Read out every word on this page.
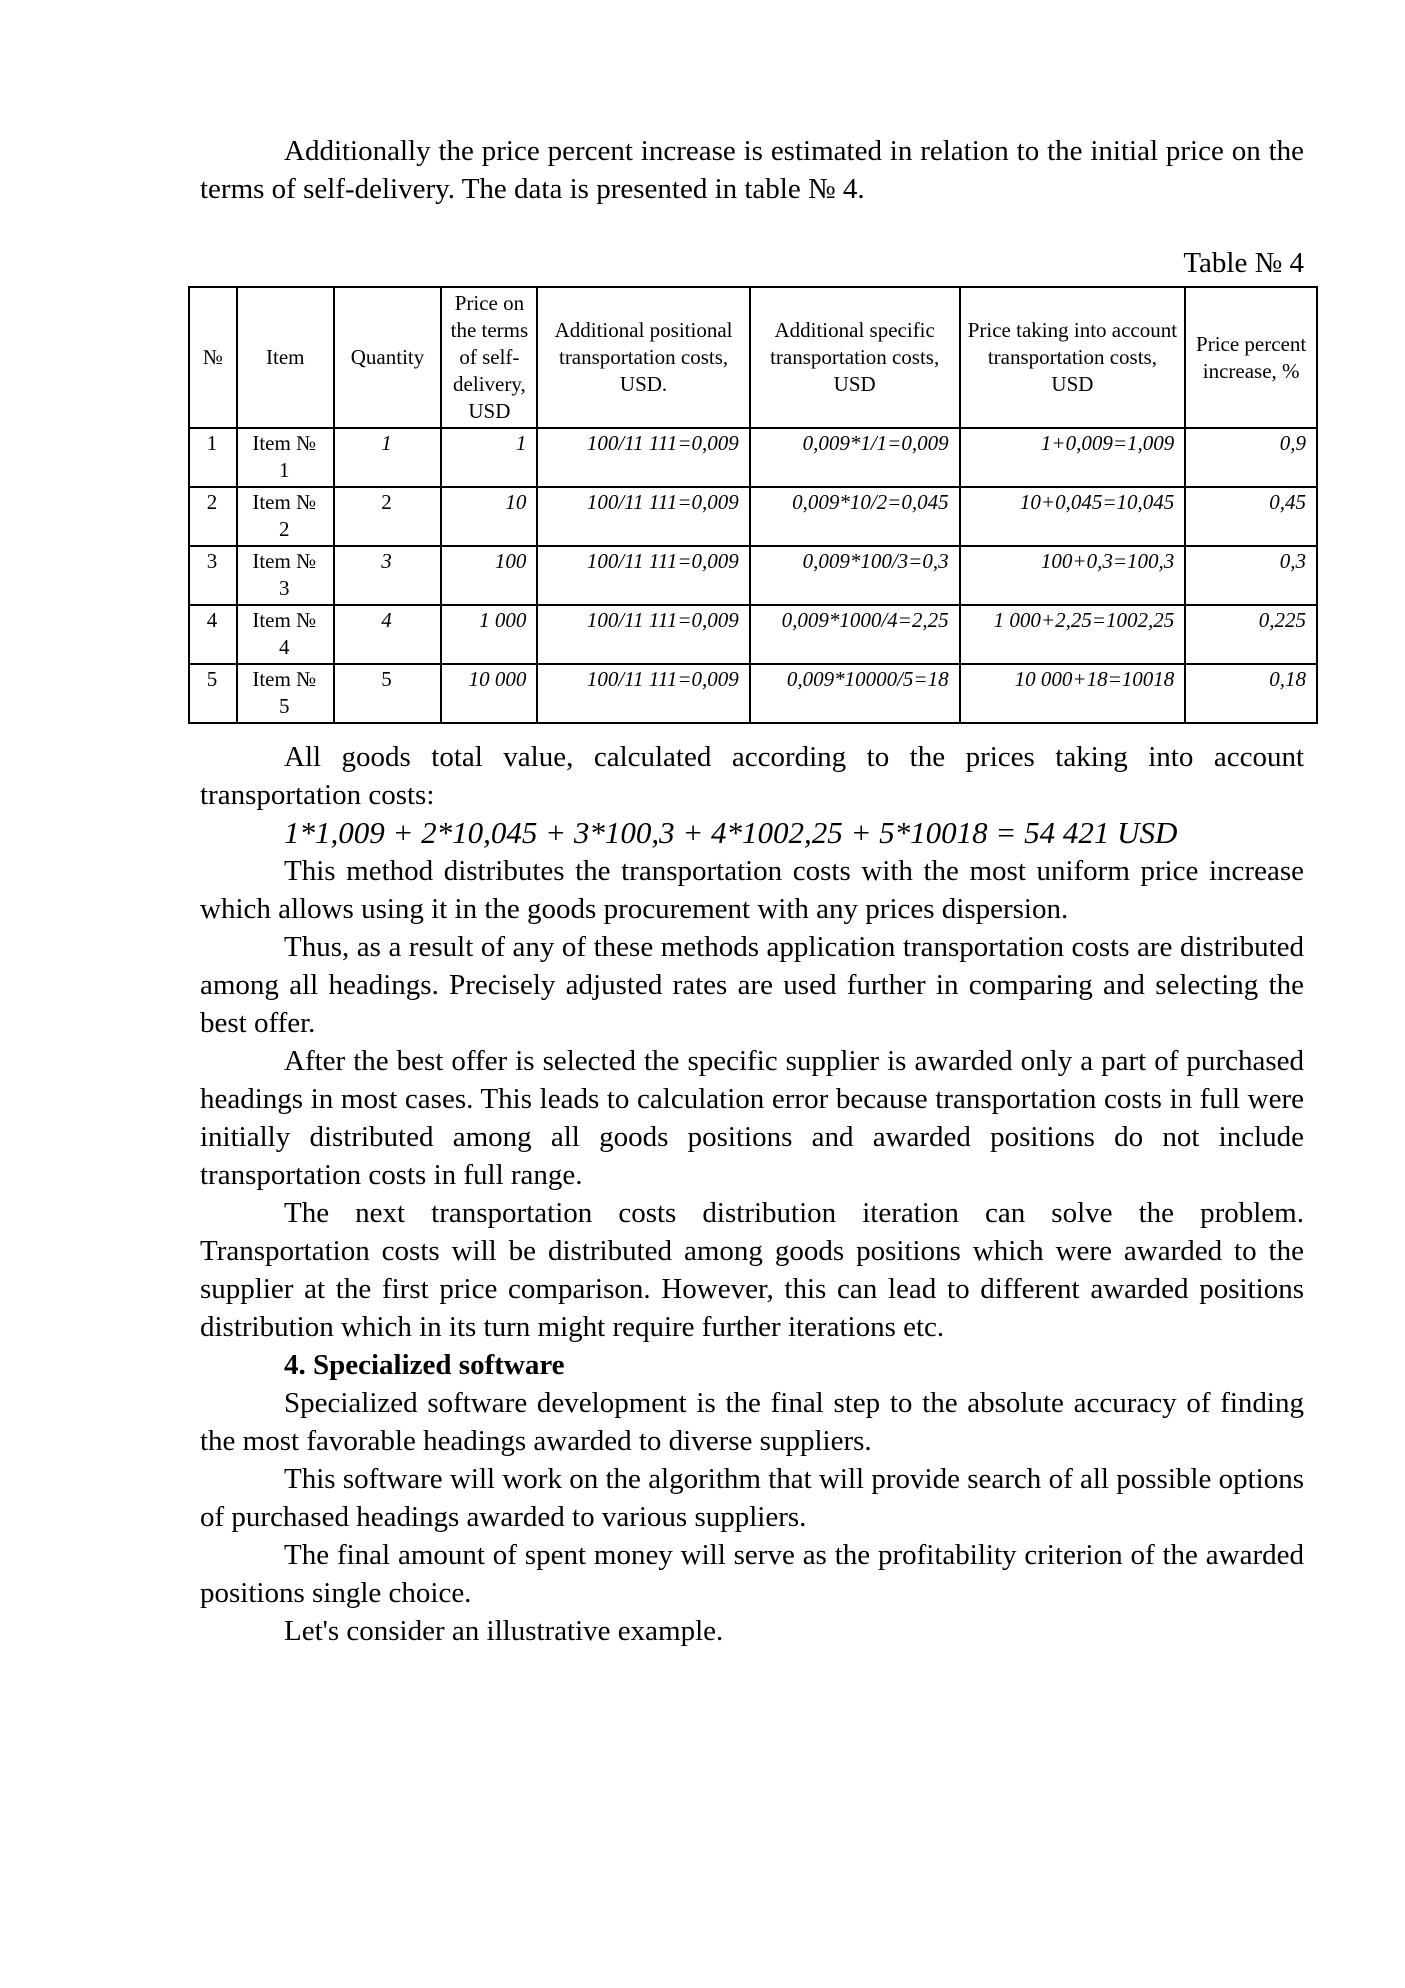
Additionally the price percent increase is estimated in relation to the initial price on the terms of self-delivery. The data is presented in table № 4.

Table № 4
№	Item	Quantity	Price on the terms of self-delivery, USD	Additional positional transportation costs, USD.	Additional specific transportation costs, USD	Price taking into account transportation costs, USD	Price percent increase, %
1	Item № 1	1	1	100/11 111=0,009	0,009*1/1=0,009	1+0,009=1,009	0,9
2	Item № 2	2	10	100/11 111=0,009	0,009*10/2=0,045	10+0,045=10,045	0,45
3	Item № 3	3	100	100/11 111=0,009	0,009*100/3=0,3	100+0,3=100,3	0,3
4	Item № 4	4	1 000	100/11 111=0,009	0,009*1000/4=2,25	1 000+2,25=1002,25	0,225
5	Item № 5	5	10 000	100/11 111=0,009	0,009*10000/5=18	10 000+18=10018	0,18

All goods total value, calculated according to the prices taking into account transportation costs:

1*1,009 + 2*10,045 + 3*100,3 + 4*1002,25 + 5*10018 = 54 421 USD

This method distributes the transportation costs with the most uniform price increase which allows using it in the goods procurement with any prices dispersion.

Thus, as a result of any of these methods application transportation costs are distributed among all headings. Precisely adjusted rates are used further in comparing and selecting the best offer.

After the best offer is selected the specific supplier is awarded only a part of purchased headings in most cases. This leads to calculation error because transportation costs in full were initially distributed among all goods positions and awarded positions do not include transportation costs in full range.

The next transportation costs distribution iteration can solve the problem. Transportation costs will be distributed among goods positions which were awarded to the supplier at the first price comparison. However, this can lead to different awarded positions distribution which in its turn might require further iterations etc.

4. Specialized software

Specialized software development is the final step to the absolute accuracy of finding the most favorable headings awarded to diverse suppliers.

This software will work on the algorithm that will provide search of all possible options of purchased headings awarded to various suppliers.

The final amount of spent money will serve as the profitability criterion of the awarded positions single choice.

Let's consider an illustrative example.
